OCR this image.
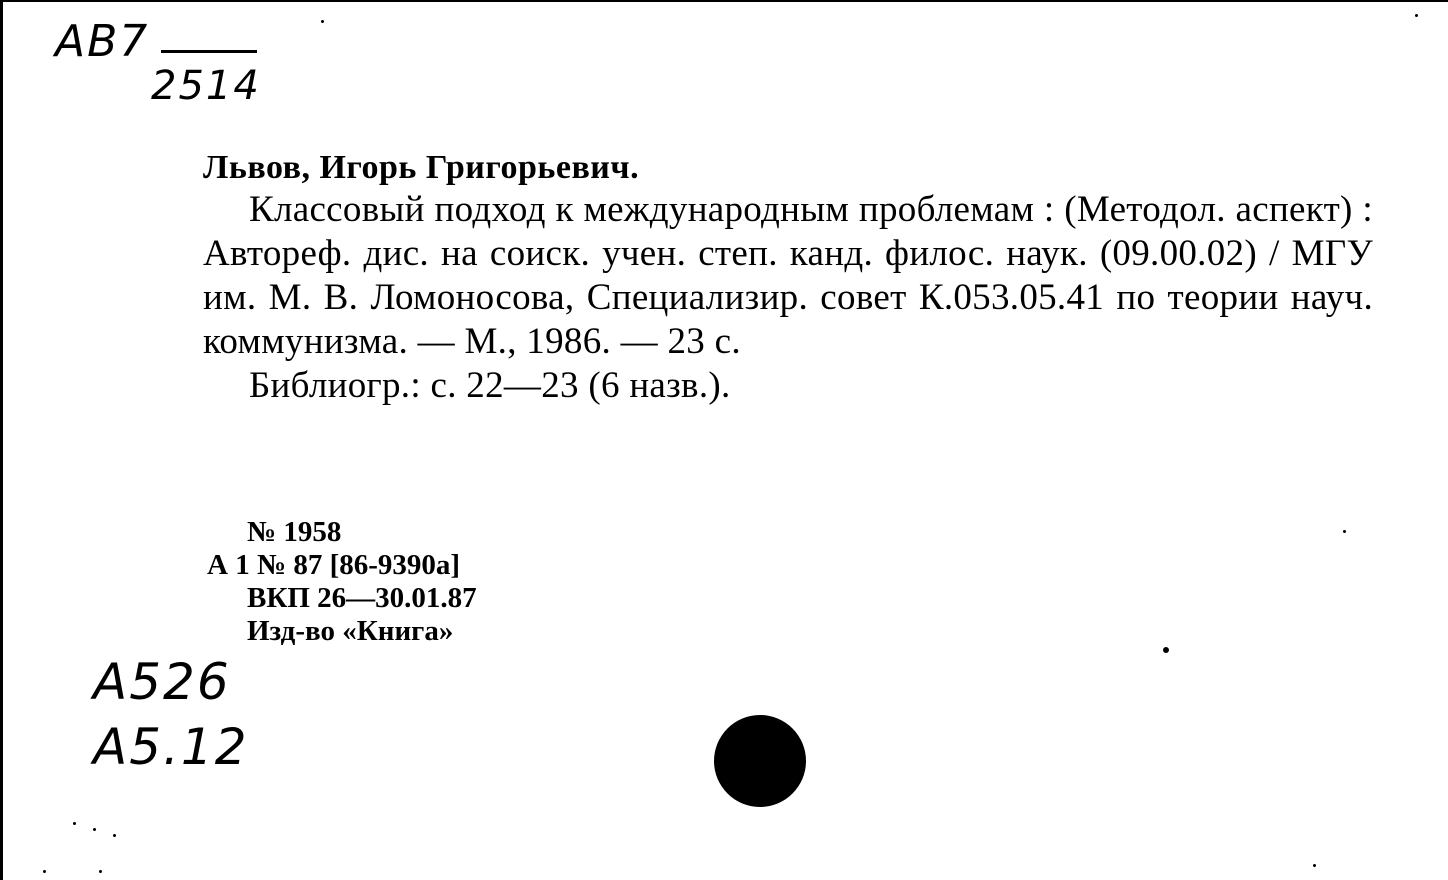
АВ7
2514

Львов, Игорь Григорьевич.

Классовый подход к международным проблемам : (Методол. аспект) : Автореф. дис. на соиск. учен. степ. канд. филос. наук. (09.00.02) / МГУ им. М. В. Ломоносова, Специализир. совет К.053.05.41 по теории науч. коммунизма. — М., 1986. — 23 с.

Библиогр.: с. 22—23 (6 назв.).

№ 1958
А 1 № 87 [86-9390а]
ВКП 26—30.01.87
Изд-во «Книга»
А526
А5.12
